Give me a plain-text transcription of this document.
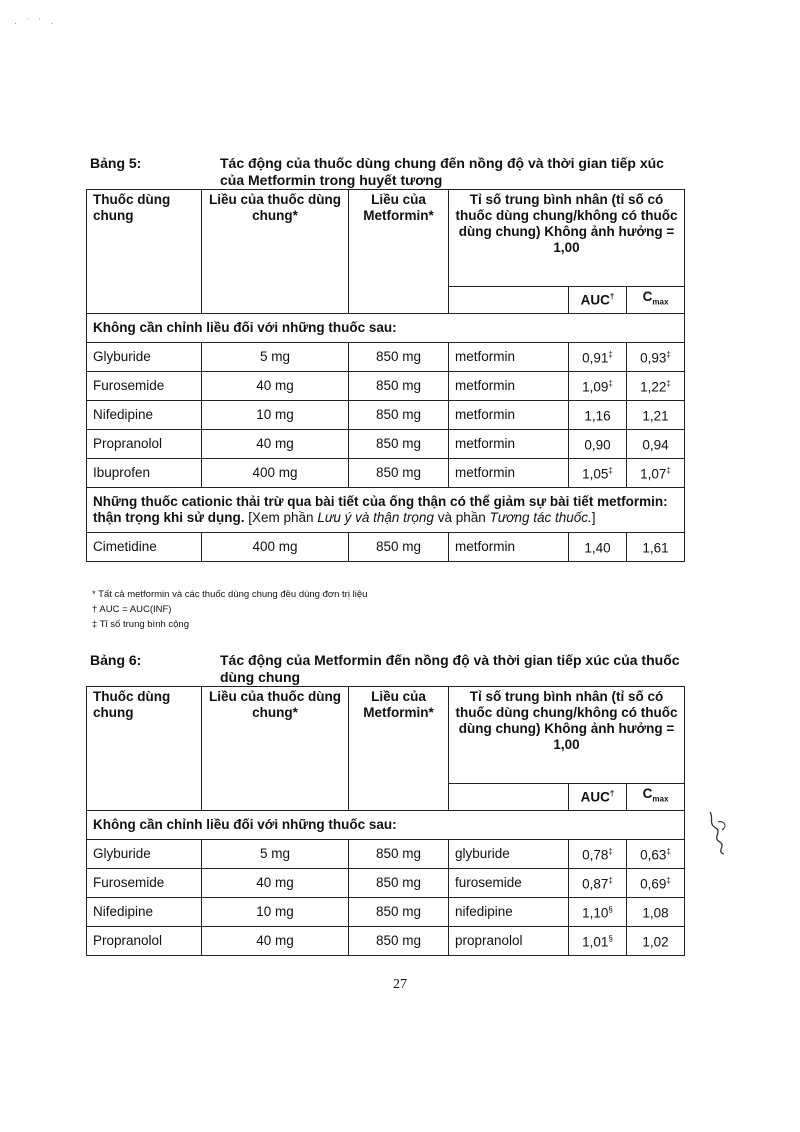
· ˙ ˙ ·
Bảng 5:	Tác động của thuốc dùng chung đến nồng độ và thời gian tiếp xúc của Metformin trong huyết tương
Thuốc dùng chung	Liều của thuốc dùng chung*	Liều của Metformin*	Tỉ số trung bình nhân (tỉ số có thuốc dùng chung/không có thuốc dùng chung) Không ảnh hưởng = 1,00		
				AUC†	$C_{max}$
Không cần chỉnh liều đối với những thuốc sau:					
Glyburide	5 mg	850 mg	metformin	0,91‡	0,93‡
Furosemide	40 mg	850 mg	metformin	1,09‡	1,22‡
Nifedipine	10 mg	850 mg	metformin	1,16	1,21
Propranolol	40 mg	850 mg	metformin	0,90	0,94
Ibuprofen	400 mg	850 mg	metformin	1,05‡	1,07‡
Những thuốc cationic thải trừ qua bài tiết của ống thận có thể giảm sự bài tiết metformin: thận trọng khi sử dụng. [Xem phần Lưu ý và thận trọng và phần Tương tác thuốc.]					
Cimetidine	400 mg	850 mg	metformin	1,40	1,61
* Tất cả metformin và các thuốc dùng chung đều dùng đơn trị liệu
† AUC = AUC(INF)
‡ Tỉ số trung bình cộng
Bảng 6:	Tác động của Metformin đến nồng độ và thời gian tiếp xúc của thuốc dùng chung
Thuốc dùng chung	Liều của thuốc dùng chung*	Liều của Metformin*	Tỉ số trung bình nhân (tỉ số có thuốc dùng chung/không có thuốc dùng chung) Không ảnh hưởng = 1,00		
				AUC†	$C_{max}$
Không cần chỉnh liều đối với những thuốc sau:					
Glyburide	5 mg	850 mg	glyburide	0,78‡	0,63‡
Furosemide	40 mg	850 mg	furosemide	0,87‡	0,69‡
Nifedipine	10 mg	850 mg	nifedipine	1,10§	1,08
Propranolol	40 mg	850 mg	propranolol	1,01§	1,02
27
